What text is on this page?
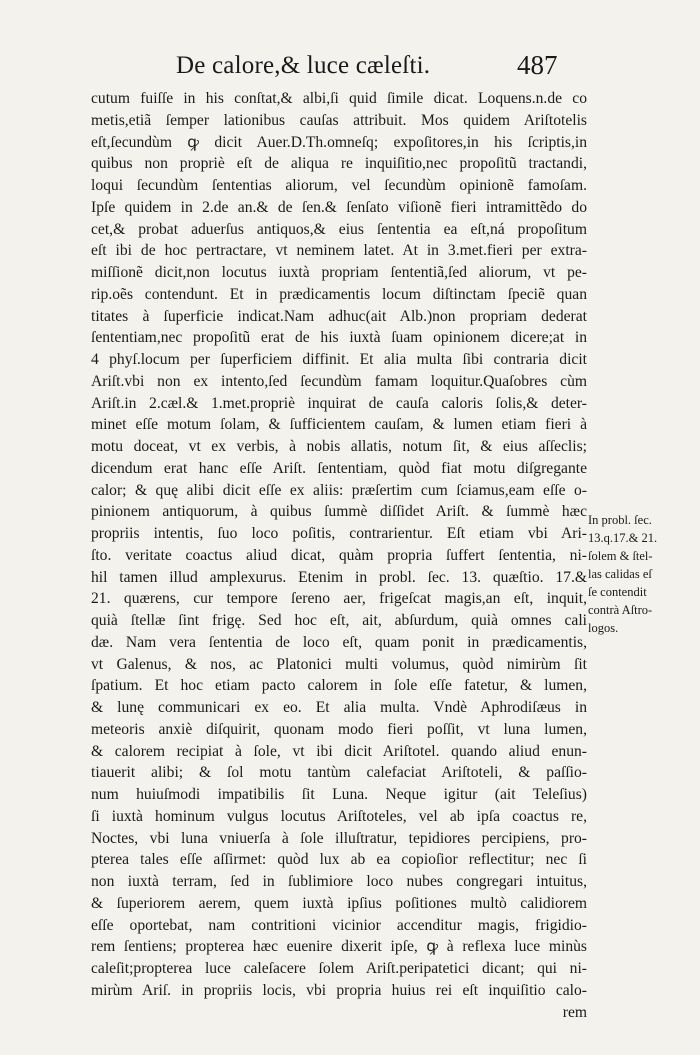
De calore,& luce cæleſti.	487
cutum fuiſſe in his conſtat,& albi,ſi quid ſimile dicat. Loquens.n.de co
metis,etiã ſemper lationibus cauſas attribuit. Mos quidem Ariſtotelis
eſt,ſecundùm ꝙ dicit Auer.D.Th.omneſq; expoſitores,in his ſcriptis,in
quibus non propriè eſt de aliqua re inquiſitio,nec propoſitũ tractandi,
loqui ſecundùm ſententias aliorum, vel ſecundùm opinionẽ famoſam.
Ipſe quidem in 2.de an.& de ſen.& ſenſato viſionẽ fieri intramittẽdo do
cet,& probat aduerſus antiquos,& eius ſententia ea eſt,ná propoſitum
eſt ibi de hoc pertractare, vt neminem latet. At in 3.met.fieri per extra-
miſſionẽ dicit,non locutus iuxtà propriam ſententiã,ſed aliorum, vt pe-
rip.oẽs contendunt. Et in prædicamentis locum diſtinctam ſpeciẽ quan
titates à ſuperficie indicat.Nam adhuc(ait Alb.)non propriam dederat
ſententiam,nec propoſitũ erat de his iuxtà ſuam opinionem dicere;at in
4 phyſ.locum per ſuperficiem diffinit. Et alia multa ſibi contraria dicit
Ariſt.vbi non ex intento,ſed ſecundùm famam loquitur.Quaſobres cùm
Ariſt.in 2.cæl.& 1.met.propriè inquirat de cauſa caloris ſolis,& deter-
minet eſſe motum ſolam, & ſufficientem cauſam, & lumen etiam fieri à
motu doceat, vt ex verbis, à nobis allatis, notum ſit, & eius aſſeclis;
dicendum erat hanc eſſe Ariſt. ſententiam, quòd fiat motu diſgregante
calor; & quę alibi dicit eſſe ex aliis: præſertim cum ſciamus,eam eſſe o-
pinionem antiquorum, à quibus ſummè diſſidet Ariſt. & ſummè hæc
propriis intentis, ſuo loco poſitis, contrarientur. Eſt etiam vbi Ari-
ſto. veritate coactus aliud dicat, quàm propria ſuffert ſententia, ni-
hil tamen illud amplexurus. Etenim in probl. ſec. 13. quæſtio. 17.&
21. quærens, cur tempore ſereno aer, frigeſcat magis,an eſt, inquit,
quià ſtellæ ſint frigę. Sed hoc eſt, ait, abſurdum, quià omnes cali
dæ. Nam vera ſententia de loco eſt, quam ponit in prædicamentis,
vt Galenus, & nos, ac Platonici multi volumus, quòd nimirùm ſit
ſpatium. Et hoc etiam pacto calorem in ſole eſſe fatetur, & lumen,
& lunę communicari ex eo. Et alia multa. Vndè Aphrodiſæus in
meteoris anxiè diſquirit, quonam modo fieri poſſit, vt luna lumen,
& calorem recipiat à ſole, vt ibi dicit Ariſtotel. quando aliud enun-
tiauerit alibi; & ſol motu tantùm calefaciat Ariſtoteli, & paſſio-
num huiuſmodi impatibilis ſit Luna. Neque igitur (ait Teleſius)
ſi iuxtà hominum vulgus locutus Ariſtoteles, vel ab ipſa coactus re,
Noctes, vbi luna vniuerſa à ſole illuſtratur, tepidiores percipiens, pro-
pterea tales eſſe aſſirmet: quòd lux ab ea copioſior reflectitur; nec ſi
non iuxtà terram, ſed in ſublimiore loco nubes congregari intuitus,
& ſuperiorem aerem, quem iuxtà ipſius poſitiones multò calidiorem
eſſe oportebat, nam contritioni vicinior accenditur magis, frigidio-
rem ſentiens; propterea hæc euenire dixerit ipſe, ꝙ à reflexa luce minùs
caleſit;propterea luce caleſacere ſolem Ariſt.peripatetici dicant; qui ni-
mirùm Ariſ. in propriis locis, vbi propria huius rei eſt inquiſitio calo-
rem
In probl. ſec.
13.q.17.& 21.
ſolem & ſtel-
las calidas eſ
ſe contendit
contrà Aſtro-
logos.
